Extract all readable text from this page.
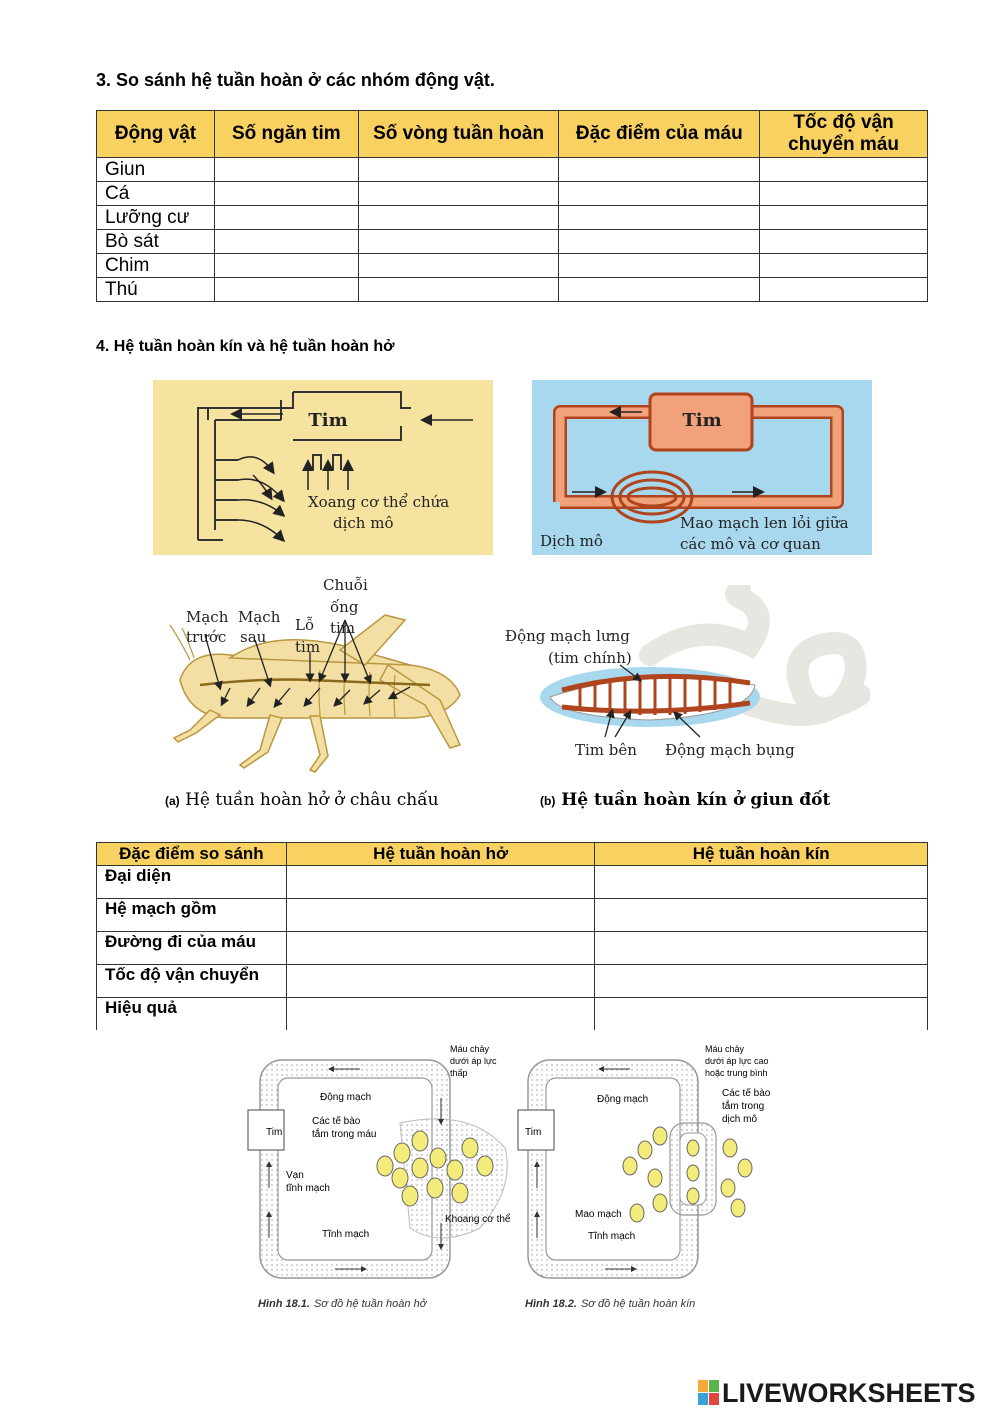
3. So sánh hệ tuần hoàn ở các nhóm động vật.
Động vật	Số ngăn tim	Số vòng tuần hoàn	Đặc điểm của máu	Tốc độ vận chuyển máu
Giun				
Cá				
Lưỡng cư				
Bò sát				
Chim				
Thú				
4. Hệ tuần hoàn kín và hệ tuần hoàn hở
Tim
Xoang cơ thể chứa
dịch mô
Tim
Dịch mô
Mao mạch len lỏi giữa
các mô và cơ quan
Mạch
trước
Mạch
sau
Lỗ
tim
Chuỗi
ống
tim	Động mạch lưng
(tim chính)
Tim bên Động mạch bụng
(a) Hệ tuần hoàn hở ở châu chấu	(b) Hệ tuần hoàn kín ở giun đốt
Đặc điểm so sánh	Hệ tuần hoàn hở	Hệ tuần hoàn kín
Đại diện		
Hệ mạch gồm		
Đường đi của máu		
Tốc độ vận chuyển		
Hiệu quả		
Tim
Máu chảy
dưới áp lực
thấp
Động mạch
Các tế bào
tắm trong máu
Vạn
tĩnh mạch
Khoang cơ thể
Tĩnh mạch
Hình 18.1. Sơ đồ hệ tuần hoàn hở
Tim
Máu chảy
dưới áp lực cao
hoặc trung bình
Động mạch
Các tế bào
tắm trong
dịch mô
Mao mạch
Tĩnh mạch
Hình 18.2. Sơ đồ hệ tuần hoàn kín
LIVEWORKSHEETS
